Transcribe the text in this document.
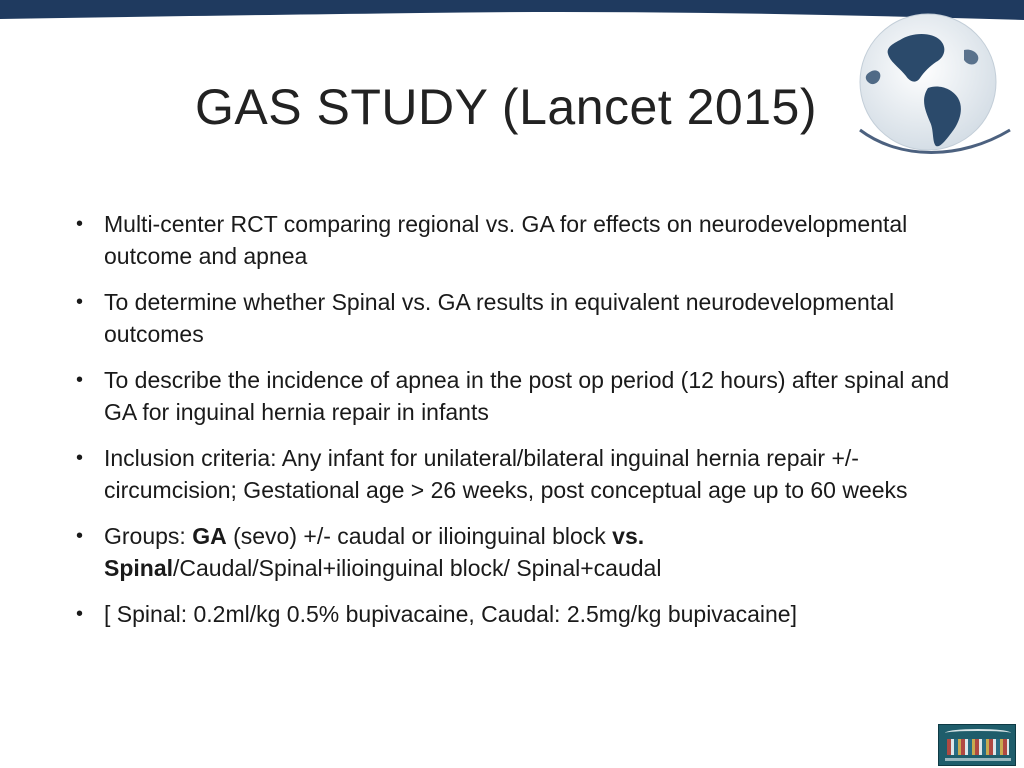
GAS STUDY (Lancet 2015)
• Multi-center RCT comparing regional vs. GA for effects on neurodevelopmental outcome and apnea
• To determine whether Spinal vs. GA results in equivalent neurodevelopmental outcomes
• To describe the incidence of apnea in the post op period (12 hours) after spinal and GA for inguinal hernia repair in infants
• Inclusion criteria: Any infant for unilateral/bilateral inguinal hernia repair +/- circumcision; Gestational age > 26 weeks, post conceptual age up to 60 weeks
• Groups: GA (sevo) +/- caudal or ilioinguinal block vs. Spinal/Caudal/Spinal+ilioinguinal block/ Spinal+caudal
• [ Spinal: 0.2ml/kg 0.5% bupivacaine, Caudal: 2.5mg/kg bupivacaine]
